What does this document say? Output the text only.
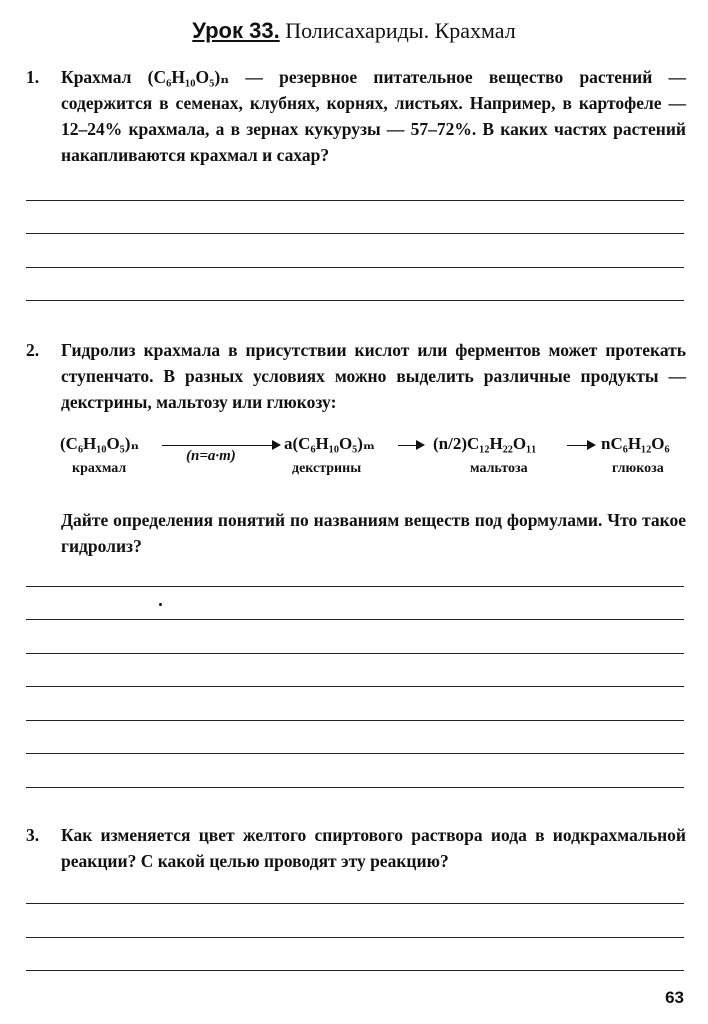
Урок 33. Полисахариды. Крахмал
1. Крахмал (C₆H₁₀O₅)ₙ — резервное питательное вещество растений — содержится в семенах, клубнях, корнях, листьях. Например, в картофеле — 12–24% крахмала, а в зернах кукурузы — 57–72%. В каких частях растений накапливаются крахмал и сахар?
2. Гидролиз крахмала в присутствии кислот или ферментов может протекать ступенчато. В разных условиях можно выделить различные продукты — декстрины, мальтозу или глюкозу:
(C₆H₁₀O₅)ₙ
крахмал
(n=a·m)
a(C₆H₁₀O₅)ₘ
декстрины
(n/2)C₁₂H₂₂O₁₁
мальтоза
nC₆H₁₂O₆
глюкоза
Дайте определения понятий по названиям веществ под формулами. Что такое гидролиз?
3. Как изменяется цвет желтого спиртового раствора иода в иодкрахмальной реакции? С какой целью проводят эту реакцию?
63
